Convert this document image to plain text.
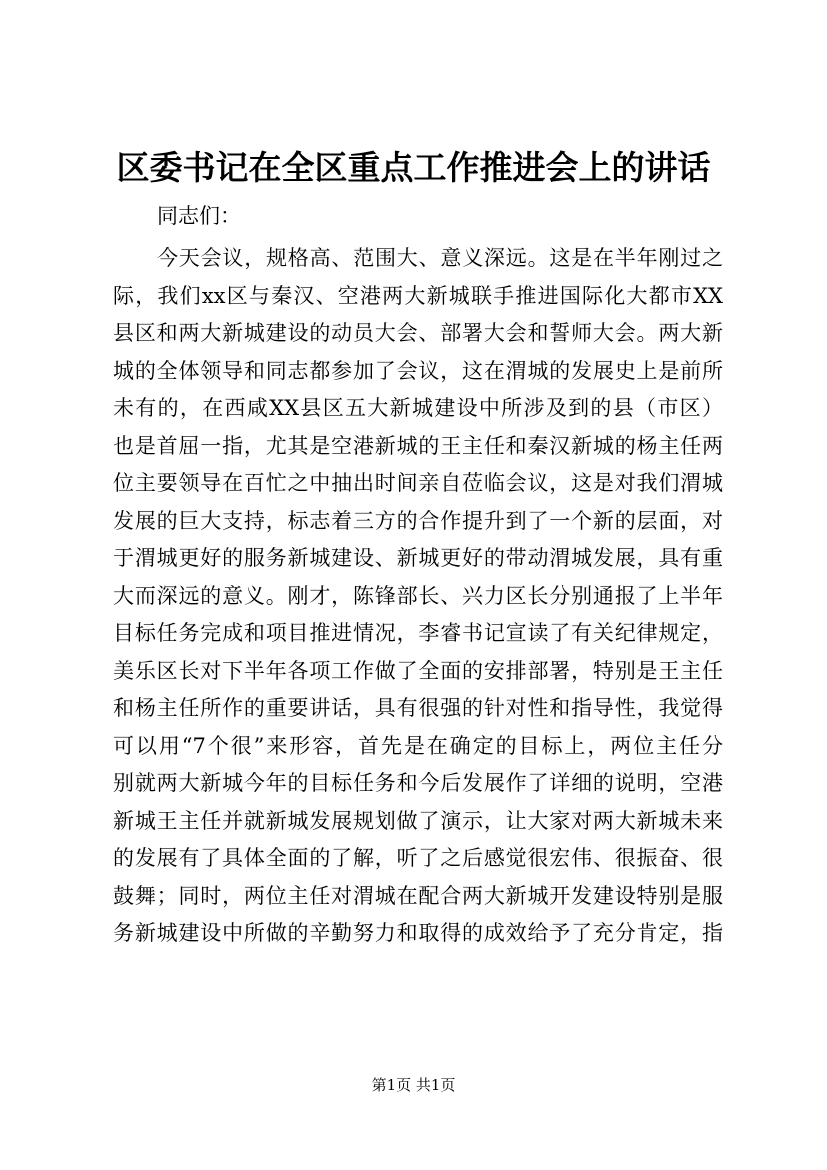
区委书记在全区重点工作推进会上的讲话
同志们：
今天会议，规格高、范围大、意义深远。这是在半年刚过之
际，我们xx区与秦汉、空港两大新城联手推进国际化大都市XX
县区和两大新城建设的动员大会、部署大会和誓师大会。两大新
城的全体领导和同志都参加了会议，这在渭城的发展史上是前所
未有的，在西咸XX县区五大新城建设中所涉及到的县（市区）
也是首屈一指，尤其是空港新城的王主任和秦汉新城的杨主任两
位主要领导在百忙之中抽出时间亲自莅临会议，这是对我们渭城
发展的巨大支持，标志着三方的合作提升到了一个新的层面，对
于渭城更好的服务新城建设、新城更好的带动渭城发展，具有重
大而深远的意义。刚才，陈锋部长、兴力区长分别通报了上半年
目标任务完成和项目推进情况，李睿书记宣读了有关纪律规定，
美乐区长对下半年各项工作做了全面的安排部署，特别是王主任
和杨主任所作的重要讲话，具有很强的针对性和指导性，我觉得
可以用“7个很”来形容，首先是在确定的目标上，两位主任分
别就两大新城今年的目标任务和今后发展作了详细的说明，空港
新城王主任并就新城发展规划做了演示，让大家对两大新城未来
的发展有了具体全面的了解，听了之后感觉很宏伟、很振奋、很
鼓舞；同时，两位主任对渭城在配合两大新城开发建设特别是服
务新城建设中所做的辛勤努力和取得的成效给予了充分肯定，指
第1页 共1页
